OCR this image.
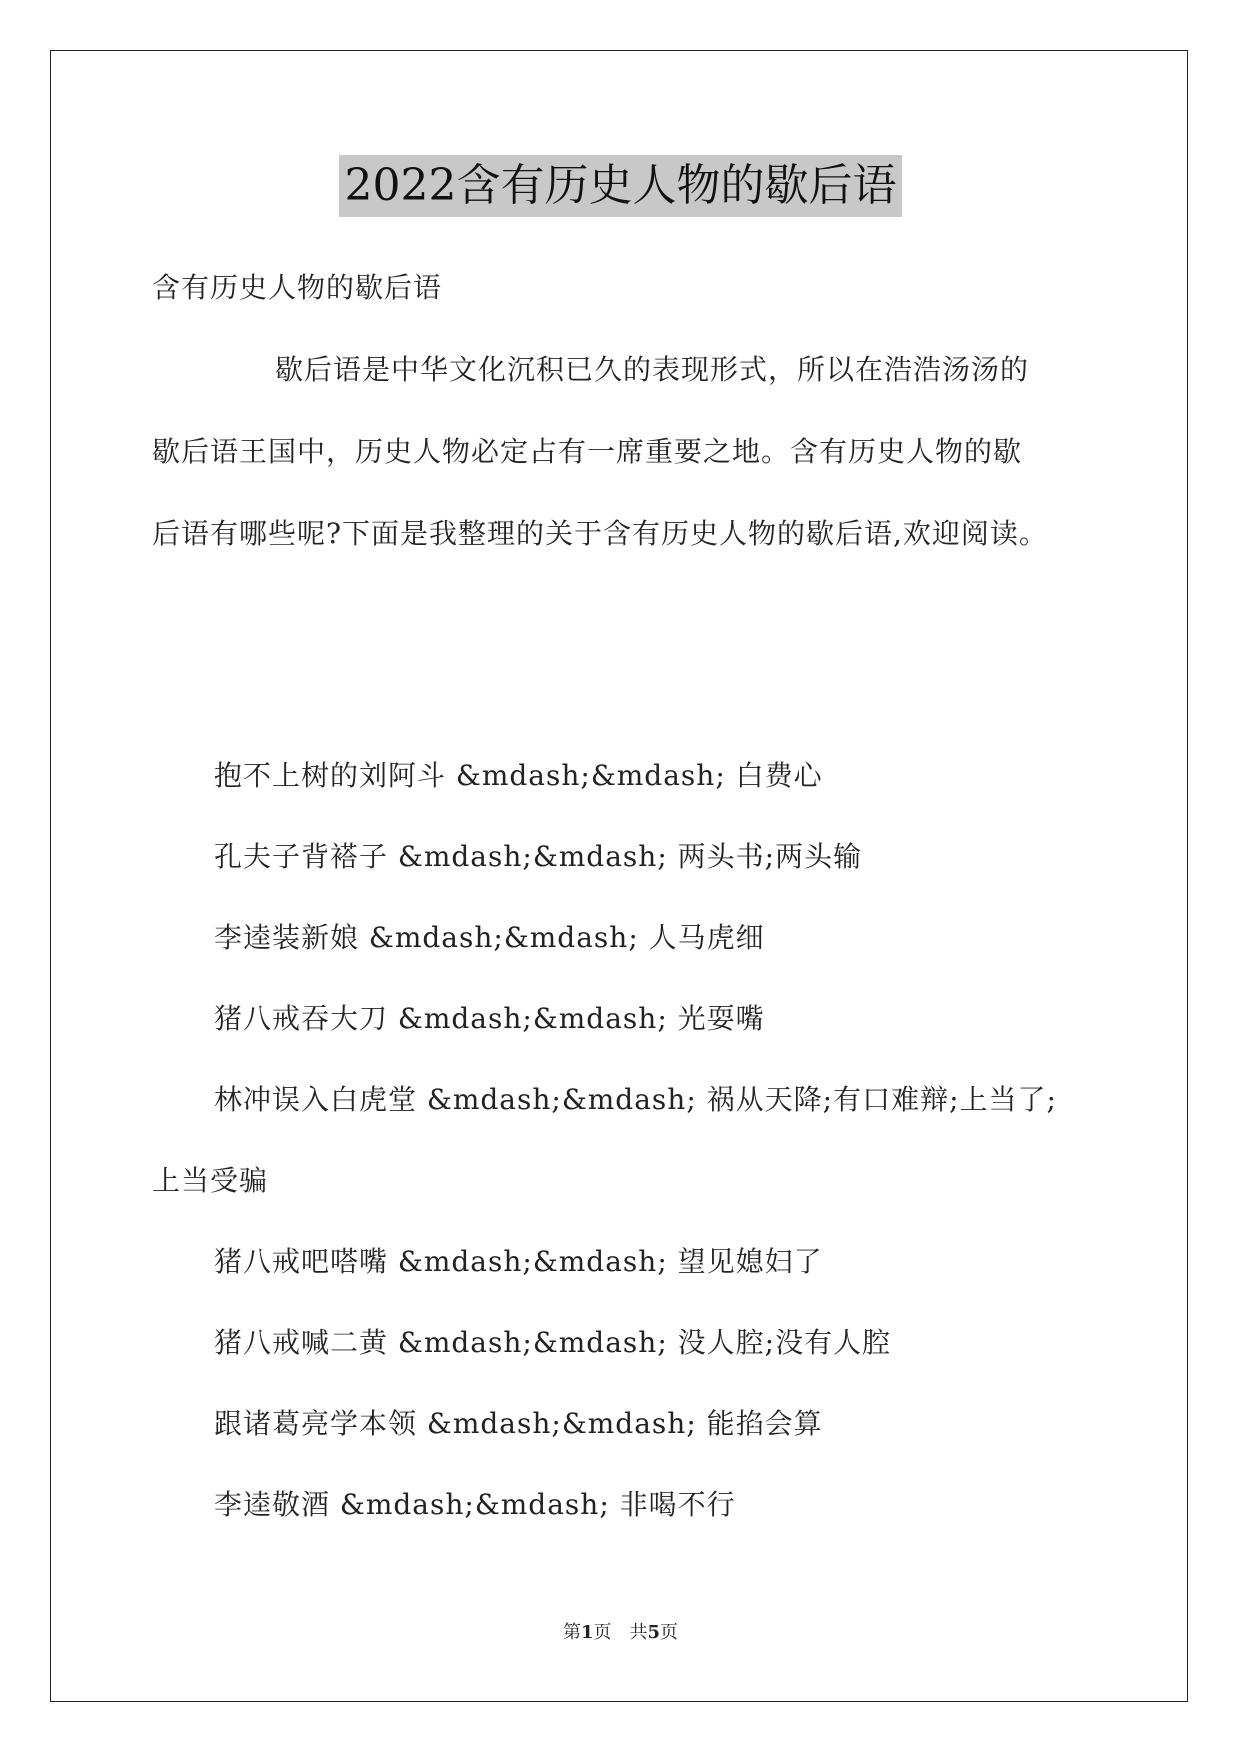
2022含有历史人物的歇后语
含有历史人物的歇后语
歇后语是中华文化沉积已久的表现形式，所以在浩浩汤汤的
歇后语王国中，历史人物必定占有一席重要之地。含有历史人物的歇
后语有哪些呢?下面是我整理的关于含有历史人物的歇后语,欢迎阅读。
抱不上树的刘阿斗 &mdash;&mdash; 白费心
孔夫子背褡子 &mdash;&mdash; 两头书;两头输
李逵装新娘 &mdash;&mdash; 人马虎细
猪八戒吞大刀 &mdash;&mdash; 光耍嘴
林冲误入白虎堂 &mdash;&mdash; 祸从天降;有口难辩;上当了;
上当受骗
猪八戒吧嗒嘴 &mdash;&mdash; 望见媳妇了
猪八戒喊二黄 &mdash;&mdash; 没人腔;没有人腔
跟诸葛亮学本领 &mdash;&mdash; 能掐会算
李逵敬酒 &mdash;&mdash; 非喝不行
第1页 共5页
